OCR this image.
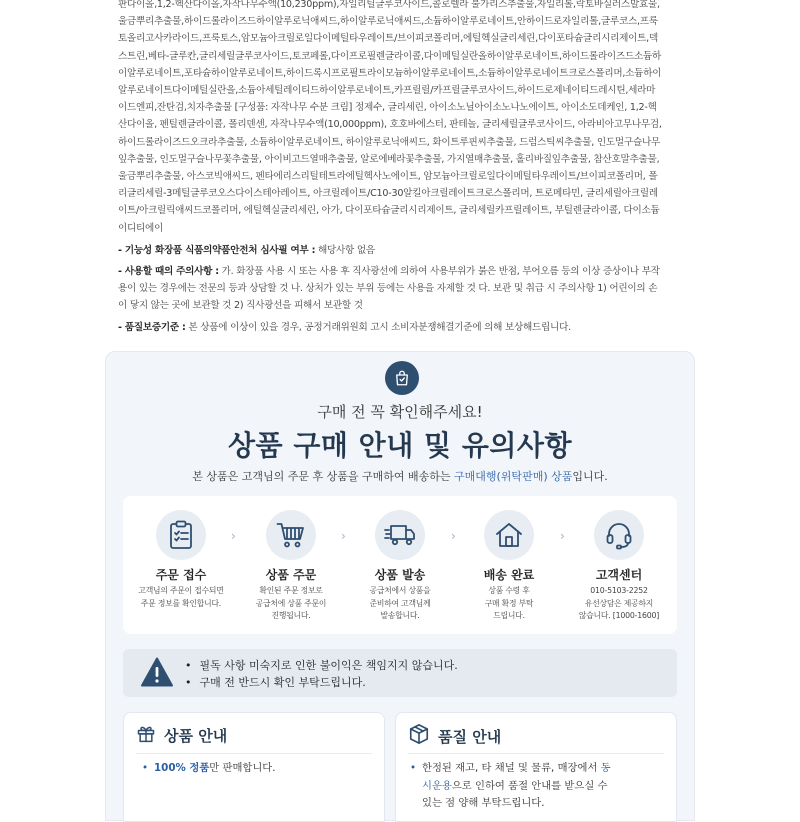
판다이올,1,2-헥산다이올,자작나무수액(10,230ppm),자일리틸글루코사이드,콜로렐라 불가리스추출물,자일리톨,락토바실러스발효물,울금뿌리추출물,하이드롤라이즈드하이알루로닉애씨드,하이알루로닉애씨드,소듐하이알루로네이트,안하이드로자일리톨,글루코스,프룩토올리고사카라이드,프룩토스,암모늄아크릴로일다이메틸타우레이트/브이피코폴리머,에틸헥실글리세린,다이포타슘글리시리제이트,덱스트린,베타-글루칸,글리세릴글루코사이드,토코페롤,다이프로필렌글라이콜,다이메틸실란올하이알루로네이트,하이드롤라이즈드소듐하이알루로네이트,포타슘하이알루로네이트,하이드록시프로필트라이모늄하이알루로네이트,소듐하이알루로네이트크로스폴리머,소듐하이알루로네이트다이메틸실란올,소듐아세틸레이티드하이알루로네이트,카프릴릴/카프릴글루코사이드,하이드로제네이티드레시틴,세라마이드엔피,잔탄검,치자추출물 [구성품: 자작나무 수분 크림] 정제수, 글리세린, 아이소노닐아이소노나노에이트, 아이소도데케인, 1,2-헥산다이올, 펜틸렌글라이콜, 폴리덴센, 자작나무수액(10,000ppm), 호호바에스터, 판테놀, 글리세릴글루코사이드, 아라비아고무나무검, 하이드롤라이즈드오크라추출물, 소듐하이알루로네이트, 하이알루로닉애씨드, 화이트루핀씨추출물, 드럼스틱씨추출물, 인도멀구슬나무잎추출물, 인도멀구슬나무꽃추출물, 아이비고드열매추출물, 알로에베라꽃추출물, 가지열매추출물, 홀리바질잎추출물, 참산호말추출물, 울금뿌리추출물, 아스코빅애씨드, 펜타에리스리틸테트라에틸헥사노에이트, 암모늄아크릴로일다이메틸타우레이트/브이피코폴리머, 폴리글리세릴-3메틸글루코오스다이스테아레이트, 아크릴레이트/C10-30알킬아크릴레이트크로스폴리머, 트로메타민, 글리세릴아크릴레이트/아크릴릭애씨드코폴리머, 에틸헥실글리세린, 아가, 다이포타슘글리시리제이트, 글리세릴카프릴레이트, 부틸렌글라이콜, 다이소듐이디티에이

- 기능성 화장품 식품의약품안전처 심사필 여부 : 해당사항 없음

- 사용할 때의 주의사항 : 가. 화장품 사용 시 또는 사용 후 직사광선에 의하여 사용부위가 붉은 반점, 부어오름 등의 이상 증상이나 부작용이 있는 경우에는 전문의 등과 상담할 것 나. 상처가 있는 부위 등에는 사용을 자제할 것 다. 보관 및 취급 시 주의사항 1) 어린이의 손이 닿지 않는 곳에 보관할 것 2) 직사광선을 피해서 보관할 것

- 품질보증기준 : 본 상품에 이상이 있을 경우, 공정거래위원회 고시 소비자분쟁해결기준에 의해 보상해드립니다.

구매 전 꼭 확인해주세요!
상품 구매 안내 및 유의사항
본 상품은 고객님의 주문 후 상품을 구매하여 배송하는 구매대행(위탁판매) 상품입니다.
주문 접수
고객님의 주문이 접수되면
주문 정보를 확인합니다.
›
상품 주문
확인된 주문 정보로
공급처에 상품 주문이
진행됩니다.
›
상품 발송
공급처에서 상품을
준비하여 고객님께
발송합니다.
›
배송 완료
상품 수령 후
구매 확정 부탁
드립니다.
›
고객센터
010-5103-2252
유선상담은 제공하지
않습니다. [1000-1600]
• 필독 사항 미숙지로 인한 불이익은 책임지지 않습니다.
• 구매 전 반드시 확인 부탁드립니다.
상품 안내
• 100% 정품만 판매합니다.
품질 안내
• 한정된 재고, 타 채널 및 물류, 매장에서 동시운용으로 인하여 품절 안내를 받으실 수 있는 점 양해 부탁드립니다.
